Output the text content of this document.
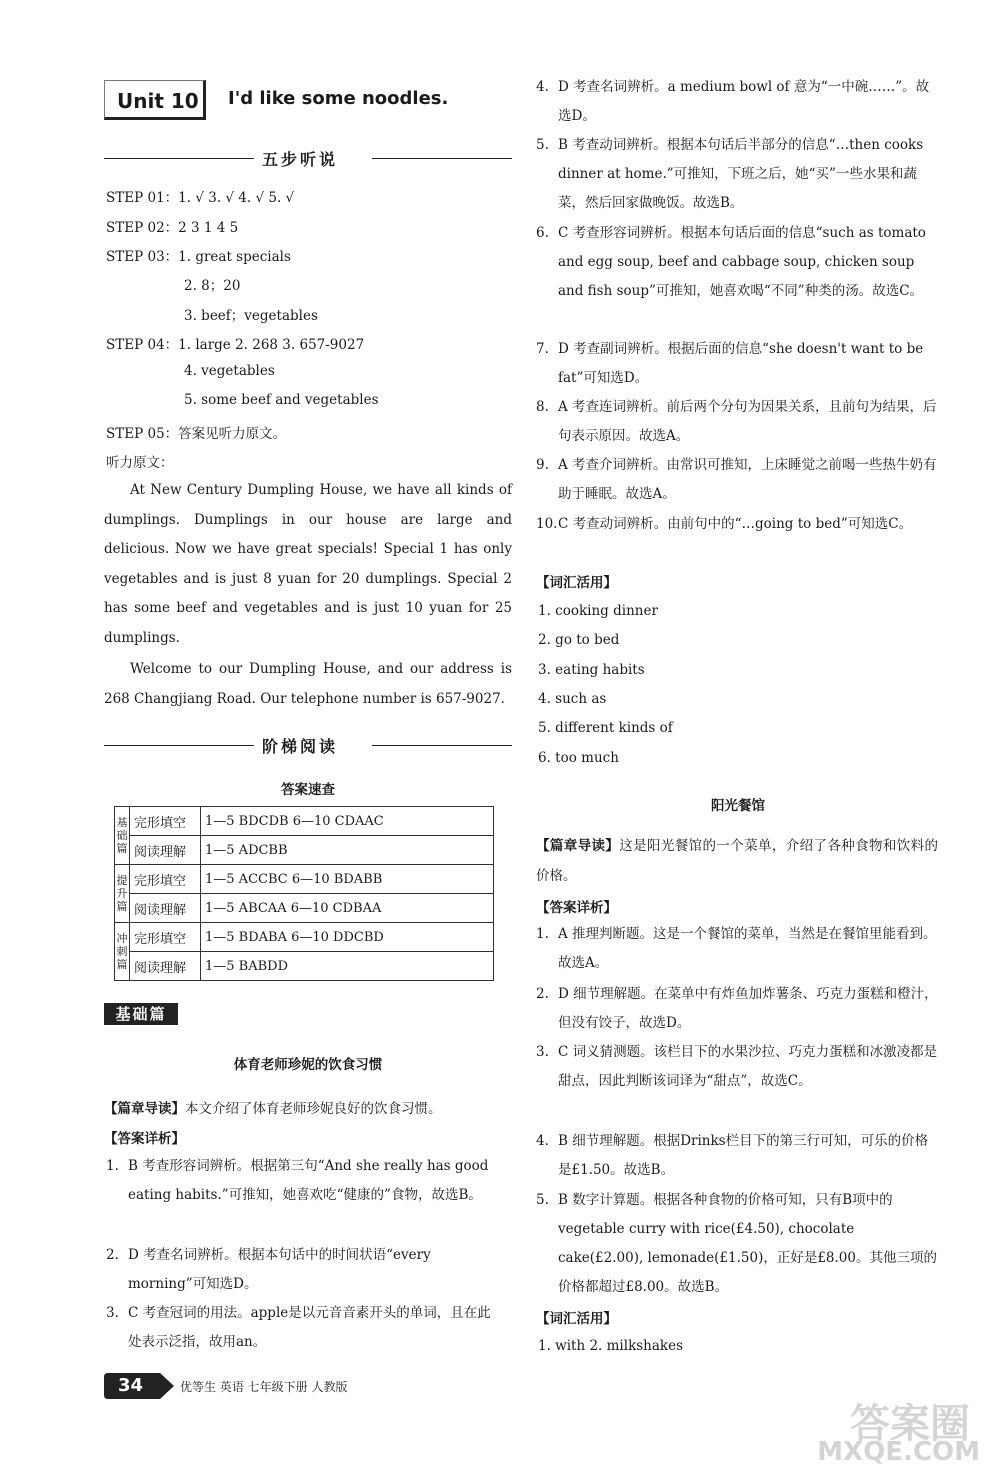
Unit 10	I'd like some noodles.
五步听说
STEP 01：1. √ 3. √ 4. √ 5. √
STEP 02：2 3 1 4 5
STEP 03：1. great specials
2. 8；20
3. beef；vegetables
STEP 04：1. large 2. 268 3. 657-9027
4. vegetables
5. some beef and vegetables
STEP 05：答案见听力原文。
听力原文：
At New Century Dumpling House, we have all kinds of dumplings. Dumplings in our house are large and delicious. Now we have great specials! Special 1 has only vegetables and is just 8 yuan for 20 dumplings. Special 2 has some beef and vegetables and is just 10 yuan for 25 dumplings.
Welcome to our Dumpling House, and our address is 268 Changjiang Road. Our telephone number is 657-9027.
阶梯阅读
答案速查
基础篇	完形填空	1—5 BDCDB 6—10 CDAAC
	阅读理解	1—5 ADCBB
提升篇	完形填空	1—5 ACCBC 6—10 BDABB
	阅读理解	1—5 ABCAA 6—10 CDBAA
冲刺篇	完形填空	1—5 BDABA 6—10 DDCBD
	阅读理解	1—5 BABDD
基础篇
体育老师珍妮的饮食习惯
【篇章导读】本文介绍了体育老师珍妮良好的饮食习惯。
【答案详析】
1. B 考查形容词辨析。根据第三句“And she really has good eating habits.”可推知，她喜欢吃“健康的”食物，故选B。
2. D 考查名词辨析。根据本句话中的时间状语“every morning”可知选D。
3. C 考查冠词的用法。apple是以元音音素开头的单词，且在此处表示泛指，故用an。
4. D 考查名词辨析。a medium bowl of 意为“一中碗……”。故选D。
5. B 考查动词辨析。根据本句话后半部分的信息“…then cooks dinner at home.”可推知，下班之后，她“买”一些水果和蔬菜，然后回家做晚饭。故选B。
6. C 考查形容词辨析。根据本句话后面的信息“such as tomato and egg soup, beef and cabbage soup, chicken soup and fish soup”可推知，她喜欢喝“不同”种类的汤。故选C。
7. D 考查副词辨析。根据后面的信息“she doesn't want to be fat”可知选D。
8. A 考查连词辨析。前后两个分句为因果关系，且前句为结果，后句表示原因。故选A。
9. A 考查介词辨析。由常识可推知，上床睡觉之前喝一些热牛奶有助于睡眠。故选A。
10. C 考查动词辨析。由前句中的“…going to bed”可知选C。
【词汇活用】
1. cooking dinner
2. go to bed
3. eating habits
4. such as
5. different kinds of
6. too much
阳光餐馆
【篇章导读】这是阳光餐馆的一个菜单，介绍了各种食物和饮料的价格。
【答案详析】
1. A 推理判断题。这是一个餐馆的菜单，当然是在餐馆里能看到。故选A。
2. D 细节理解题。在菜单中有炸鱼加炸薯条、巧克力蛋糕和橙汁，但没有饺子，故选D。
3. C 词义猜测题。该栏目下的水果沙拉、巧克力蛋糕和冰激凌都是甜点，因此判断该词译为“甜点”，故选C。
4. B 细节理解题。根据Drinks栏目下的第三行可知，可乐的价格是£1.50。故选B。
5. B 数字计算题。根据各种食物的价格可知，只有B项中的vegetable curry with rice(£4.50), chocolate cake(£2.00), lemonade(£1.50)，正好是£8.00。其他三项的价格都超过£8.00。故选B。
【词汇活用】
1. with 2. milkshakes
34	优等生 英语 七年级下册 人教版
答案圈
MXQE.COM
